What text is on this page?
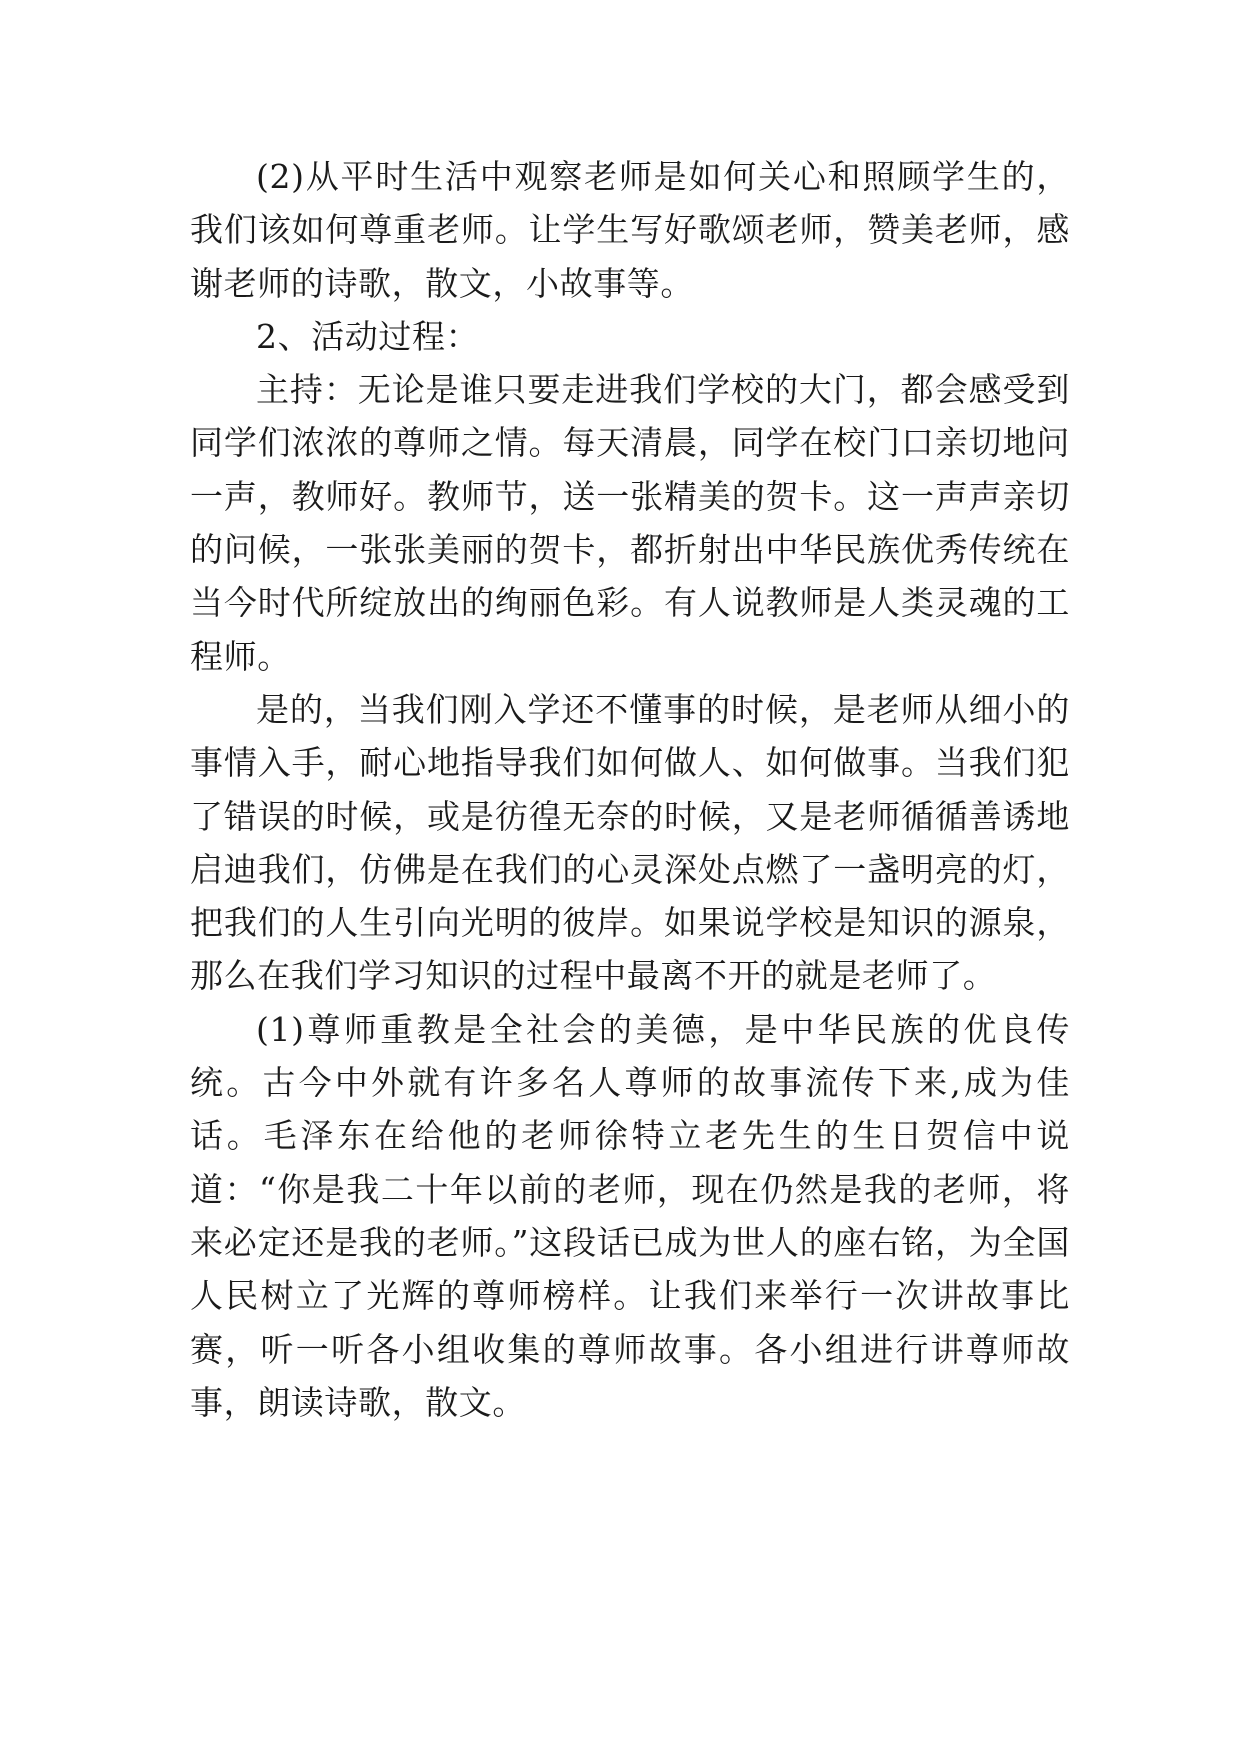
(2)从平时生活中观察老师是如何关心和照顾学生的，我们该如何尊重老师。让学生写好歌颂老师，赞美老师，感谢老师的诗歌，散文，小故事等。

2、活动过程：

主持：无论是谁只要走进我们学校的大门，都会感受到同学们浓浓的尊师之情。每天清晨，同学在校门口亲切地问一声，教师好。教师节，送一张精美的贺卡。这一声声亲切的问候，一张张美丽的贺卡，都折射出中华民族优秀传统在当今时代所绽放出的绚丽色彩。有人说教师是人类灵魂的工程师。

是的，当我们刚入学还不懂事的时候，是老师从细小的事情入手，耐心地指导我们如何做人、如何做事。当我们犯了错误的时候，或是彷徨无奈的时候，又是老师循循善诱地启迪我们，仿佛是在我们的心灵深处点燃了一盏明亮的灯，把我们的人生引向光明的彼岸。如果说学校是知识的源泉，那么在我们学习知识的过程中最离不开的就是老师了。

(1)尊师重教是全社会的美德，是中华民族的优良传统。古今中外就有许多名人尊师的故事流传下来,成为佳话。毛泽东在给他的老师徐特立老先生的生日贺信中说道：“你是我二十年以前的老师，现在仍然是我的老师，将来必定还是我的老师。”这段话已成为世人的座右铭，为全国人民树立了光辉的尊师榜样。让我们来举行一次讲故事比赛，听一听各小组收集的尊师故事。各小组进行讲尊师故事，朗读诗歌，散文。
